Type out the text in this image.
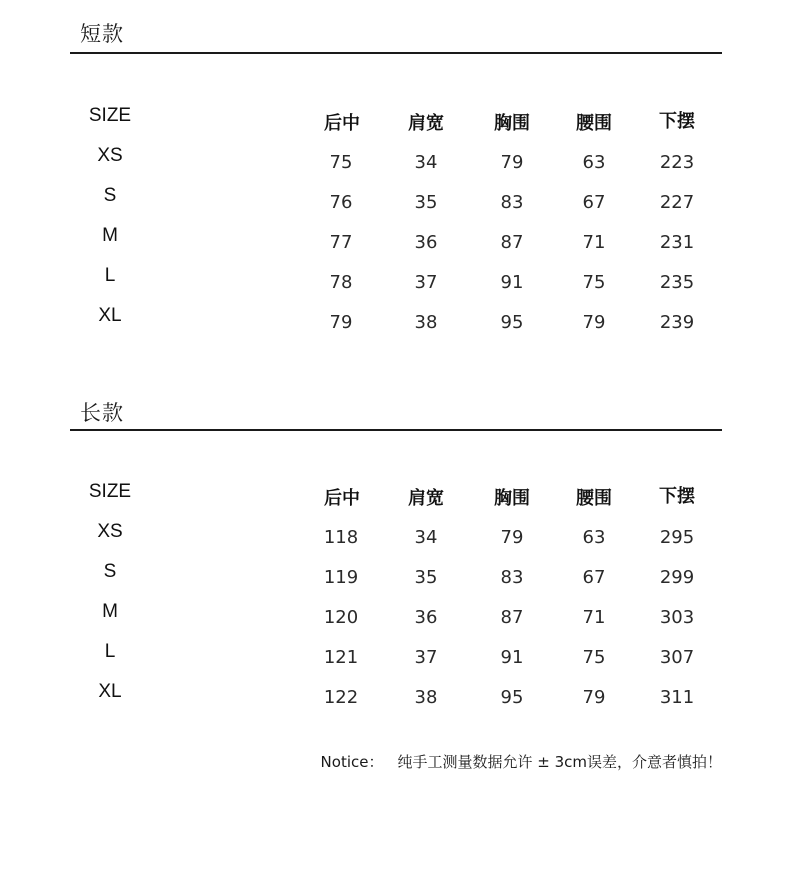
短款
SIZE	后中	肩宽	胸围	腰围	下摆
XS	75	34	79	63	223
S	76	35	83	67	227
M	77	36	87	71	231
L	78	37	91	75	235
XL	79	38	95	79	239
长款
SIZE	后中	肩宽	胸围	腰围	下摆
XS	118	34	79	63	295
S	119	35	83	67	299
M	120	36	87	71	303
L	121	37	91	75	307
XL	122	38	95	79	311
Notice： 纯手工测量数据允许 ± 3cm误差，介意者慎拍！
